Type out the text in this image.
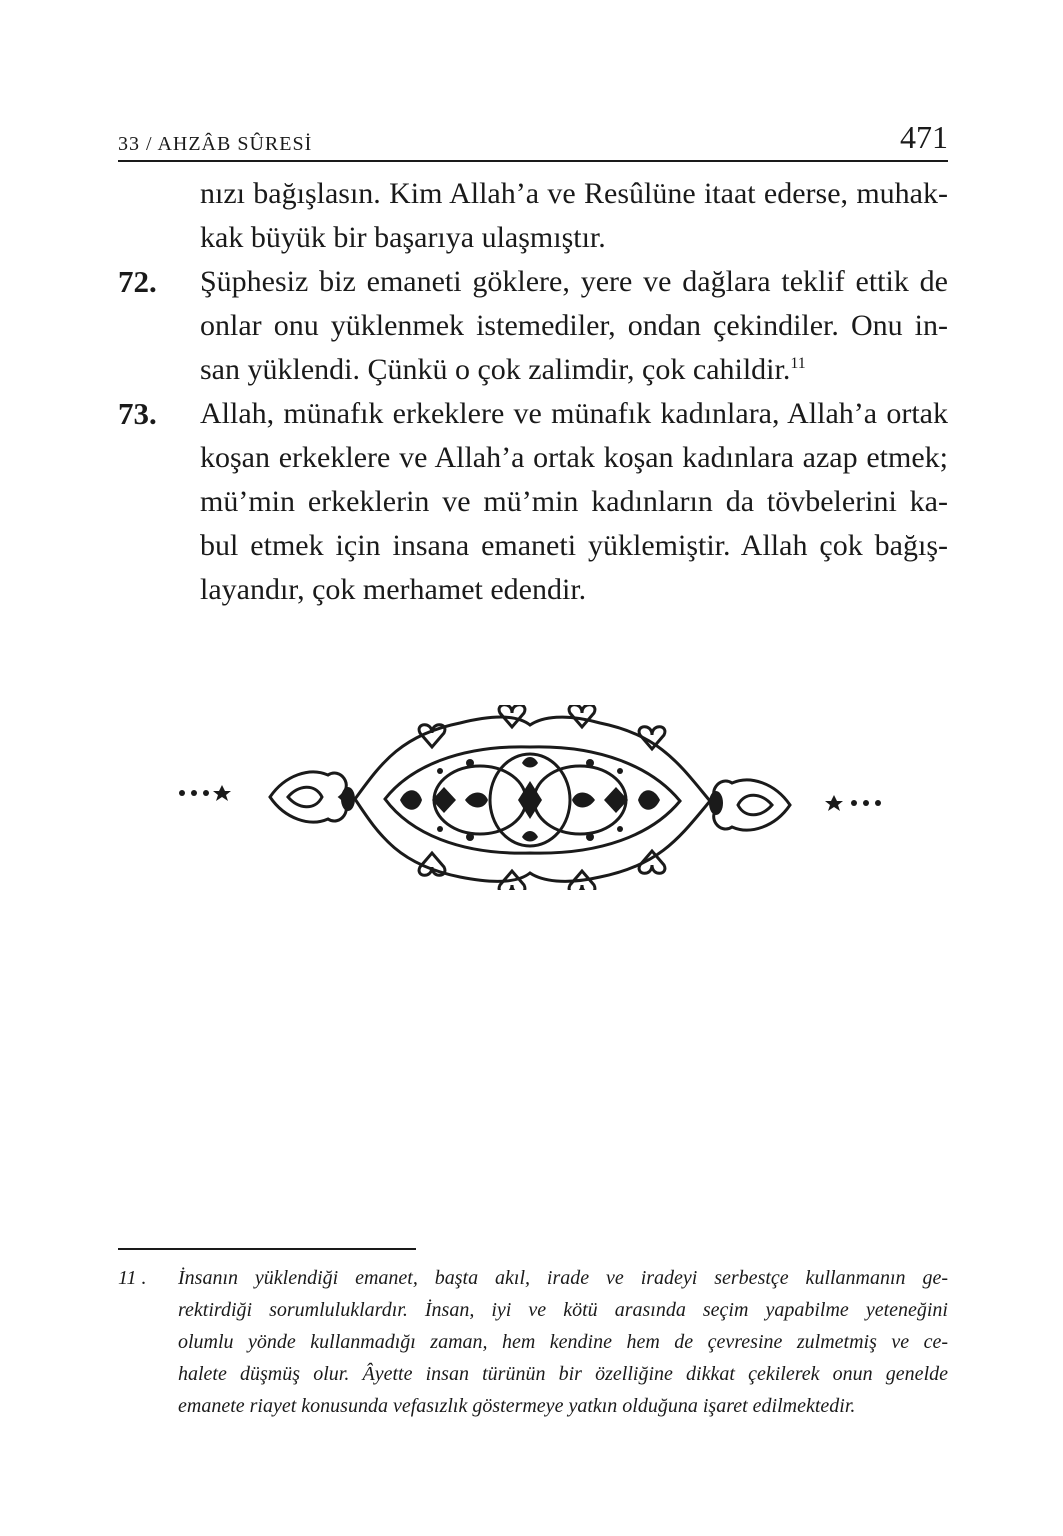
33 / AHZÂB SÛRESİ	471
nızı bağışlasın. Kim Allah’a ve Resûlüne itaat ederse, muhak-
kak büyük bir başarıya ulaşmıştır.
72. Şüphesiz biz emaneti göklere, yere ve dağlara teklif ettik de
onlar onu yüklenmek istemediler, ondan çekindiler. Onu in-
san yüklendi. Çünkü o çok zalimdir, çok cahildir.$^{11}$
73. Allah, münafık erkeklere ve münafık kadınlara, Allah’a ortak
koşan erkeklere ve Allah’a ortak koşan kadınlara azap etmek;
mü’min erkeklerin ve mü’min kadınların da tövbelerini ka-
bul etmek için insana emaneti yüklemiştir. Allah çok bağış-
layandır, çok merhamet edendir.
11 . İnsanın yüklendiği emanet, başta akıl, irade ve iradeyi serbestçe kullanmanın ge-
rektirdiği sorumluluklardır. İnsan, iyi ve kötü arasında seçim yapabilme yeteneğini
olumlu yönde kullanmadığı zaman, hem kendine hem de çevresine zulmetmiş ve ce-
halete düşmüş olur. Âyette insan türünün bir özelliğine dikkat çekilerek onun genelde
emanete riayet konusunda vefasızlık göstermeye yatkın olduğuna işaret edilmektedir.
